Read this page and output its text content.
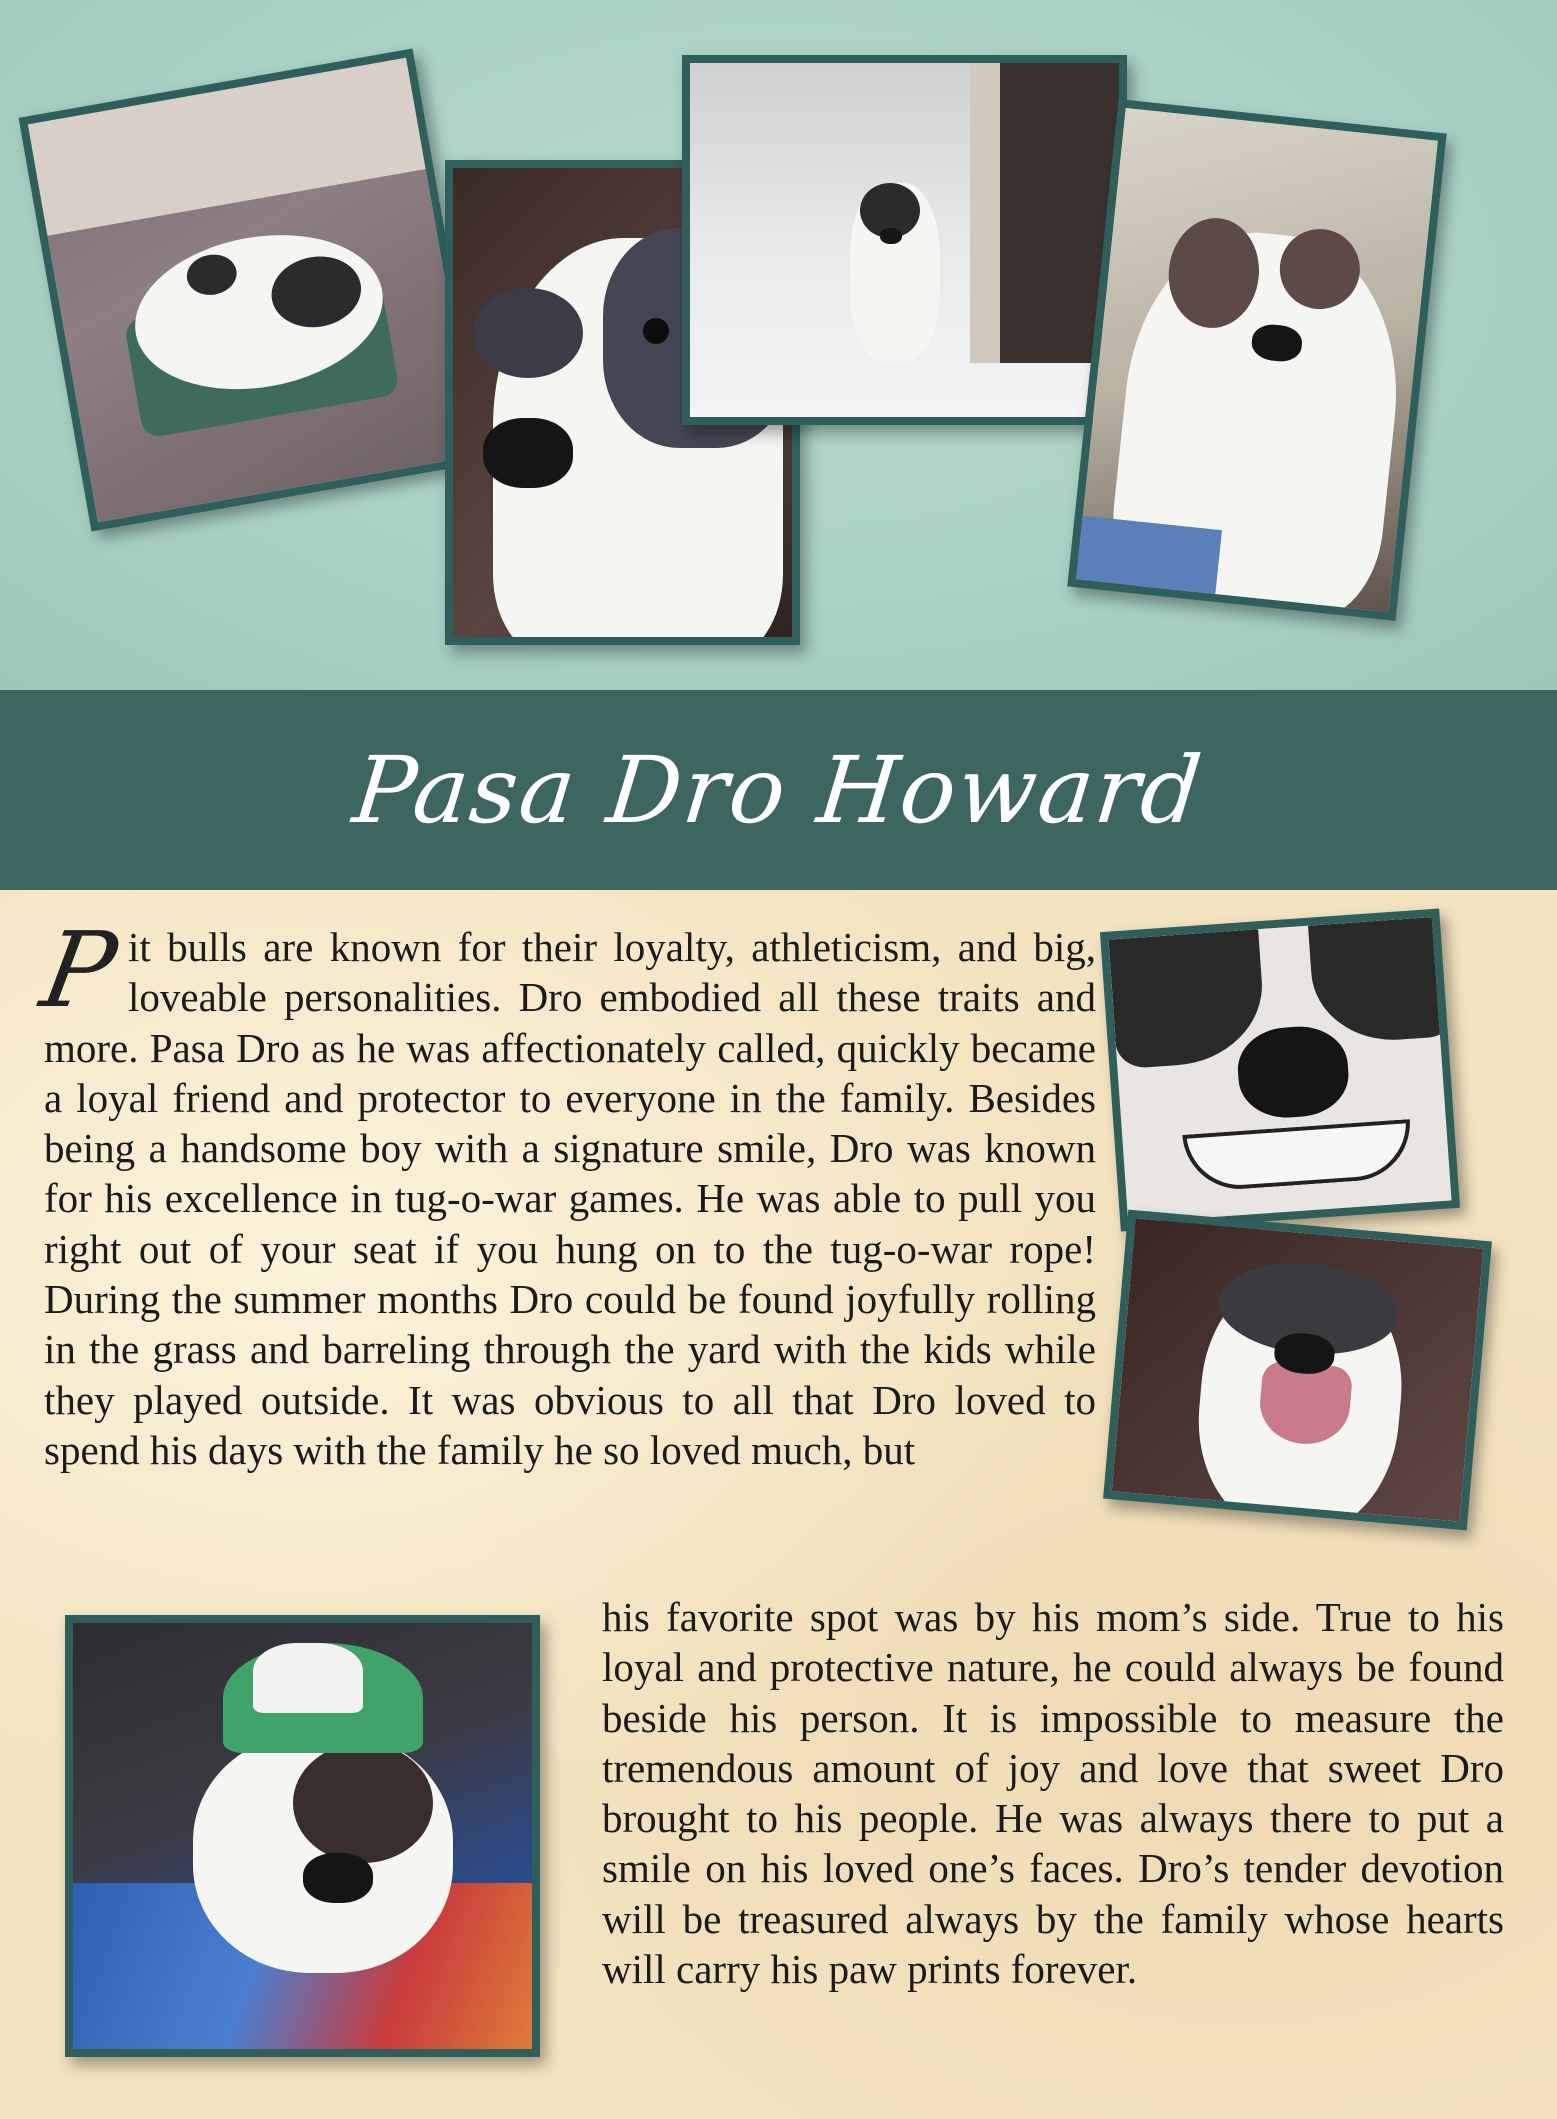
Pasa Dro Howard
Pit bulls are known for their loyalty, athleticism, and big, loveable personalities. Dro embodied all these traits and more. Pasa Dro as he was affectionately called, quickly became a loyal friend and protector to everyone in the family. Besides being a handsome boy with a signature smile, Dro was known for his excellence in tug-o-war games. He was able to pull you right out of your seat if you hung on to the tug-o-war rope! During the summer months Dro could be found joyfully rolling in the grass and barreling through the yard with the kids while they played outside. It was obvious to all that Dro loved to spend his days with the family he so loved much, but
his favorite spot was by his mom’s side. True to his loyal and protective nature, he could always be found beside his person. It is impossible to measure the tremendous amount of joy and love that sweet Dro brought to his people. He was always there to put a smile on his loved one’s faces. Dro’s tender devotion will be treasured always by the family whose hearts will carry his paw prints forever.
